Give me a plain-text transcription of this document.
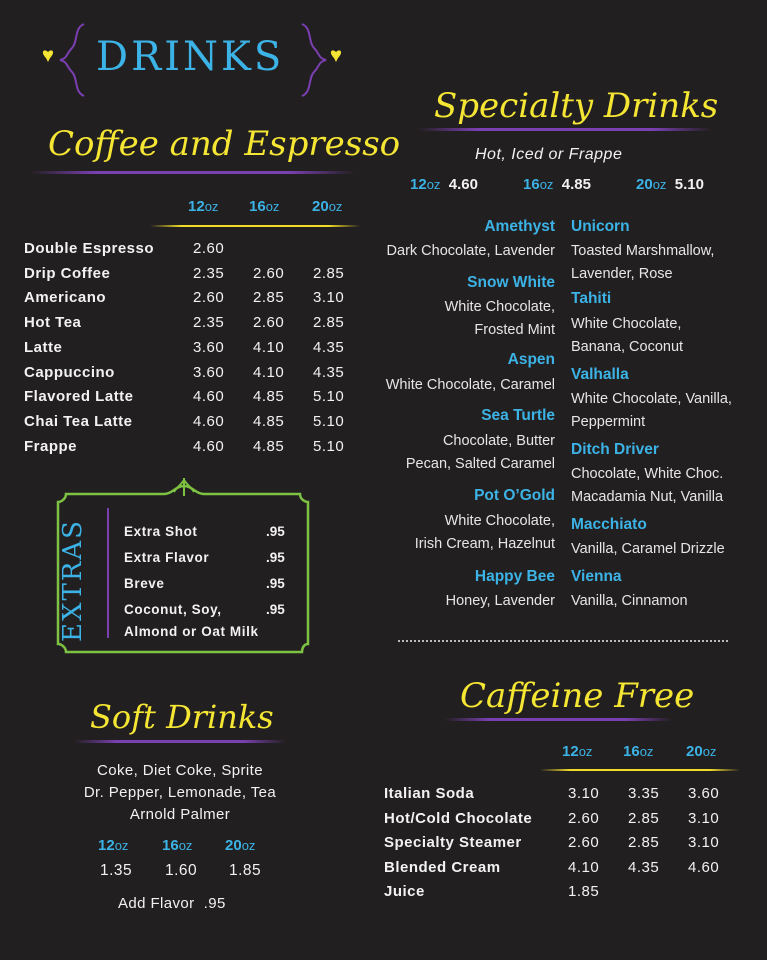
DRINKS
Coffee and Espresso
12oz 16oz 20oz
Double Espresso	2.60
Drip Coffee	2.35 2.60 2.85
Americano	2.60 2.85 3.10
Hot Tea	2.35 2.60 2.85
Latte	3.60 4.10 4.35
Cappuccino	3.60 4.10 4.35
Flavored Latte	4.60 4.85 5.10
Chai Tea Latte	4.60 4.85 5.10
Frappe	4.60 4.85 5.10
EXTRAS	Extra Shot	.95
Extra Flavor	.95
Breve	.95
Coconut, Soy,	.95
Almond or Oat Milk
Soft Drinks
Coke, Diet Coke, Sprite
Dr. Pepper, Lemonade, Tea
Arnold Palmer
12oz 16oz 20oz
1.35 1.60 1.85
Add Flavor  .95
Specialty Drinks
Hot, Iced or Frappe
12oz 4.60	16oz 4.85	20oz 5.10
Amethyst
Dark Chocolate, Lavender
Snow White
White Chocolate,
Frosted Mint
Aspen
White Chocolate, Caramel
Sea Turtle
Chocolate, Butter
Pecan, Salted Caramel
Pot O’Gold
White Chocolate,
Irish Cream, Hazelnut
Happy Bee
Honey, Lavender
Unicorn
Toasted Marshmallow,
Lavender, Rose
Tahiti
White Chocolate,
Banana, Coconut
Valhalla
White Chocolate, Vanilla,
Peppermint
Ditch Driver
Chocolate, White Choc.
Macadamia Nut, Vanilla
Macchiato
Vanilla, Caramel Drizzle
Vienna
Vanilla, Cinnamon
Caffeine Free
12oz 16oz 20oz
Italian Soda	3.10 3.35 3.60
Hot/Cold Chocolate 2.60 2.85 3.10
Specialty Steamer	2.60 2.85 3.10
Blended Cream	4.10 4.35 4.60
Juice	1.85
